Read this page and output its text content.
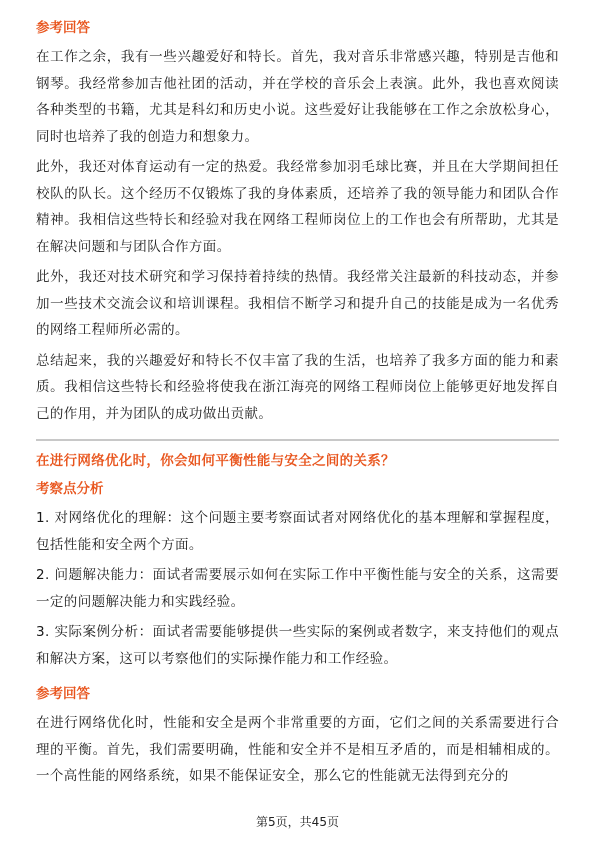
参考回答
在工作之余，我有一些兴趣爱好和特长。首先，我对音乐非常感兴趣，特别是吉他和钢琴。我经常参加吉他社团的活动，并在学校的音乐会上表演。此外，我也喜欢阅读各种类型的书籍，尤其是科幻和历史小说。这些爱好让我能够在工作之余放松身心，同时也培养了我的创造力和想象力。
此外，我还对体育运动有一定的热爱。我经常参加羽毛球比赛，并且在大学期间担任校队的队长。这个经历不仅锻炼了我的身体素质，还培养了我的领导能力和团队合作精神。我相信这些特长和经验对我在网络工程师岗位上的工作也会有所帮助，尤其是在解决问题和与团队合作方面。
此外，我还对技术研究和学习保持着持续的热情。我经常关注最新的科技动态，并参加一些技术交流会议和培训课程。我相信不断学习和提升自己的技能是成为一名优秀的网络工程师所必需的。
总结起来，我的兴趣爱好和特长不仅丰富了我的生活，也培养了我多方面的能力和素质。我相信这些特长和经验将使我在浙江海亮的网络工程师岗位上能够更好地发挥自己的作用，并为团队的成功做出贡献。
在进行网络优化时，你会如何平衡性能与安全之间的关系？
考察点分析
1. 对网络优化的理解：这个问题主要考察面试者对网络优化的基本理解和掌握程度，包括性能和安全两个方面。
2. 问题解决能力：面试者需要展示如何在实际工作中平衡性能与安全的关系，这需要一定的问题解决能力和实践经验。
3. 实际案例分析：面试者需要能够提供一些实际的案例或者数字，来支持他们的观点和解决方案，这可以考察他们的实际操作能力和工作经验。
参考回答
在进行网络优化时，性能和安全是两个非常重要的方面，它们之间的关系需要进行合理的平衡。首先，我们需要明确，性能和安全并不是相互矛盾的，而是相辅相成的。一个高性能的网络系统，如果不能保证安全，那么它的性能就无法得到充分的
第5页，共45页
